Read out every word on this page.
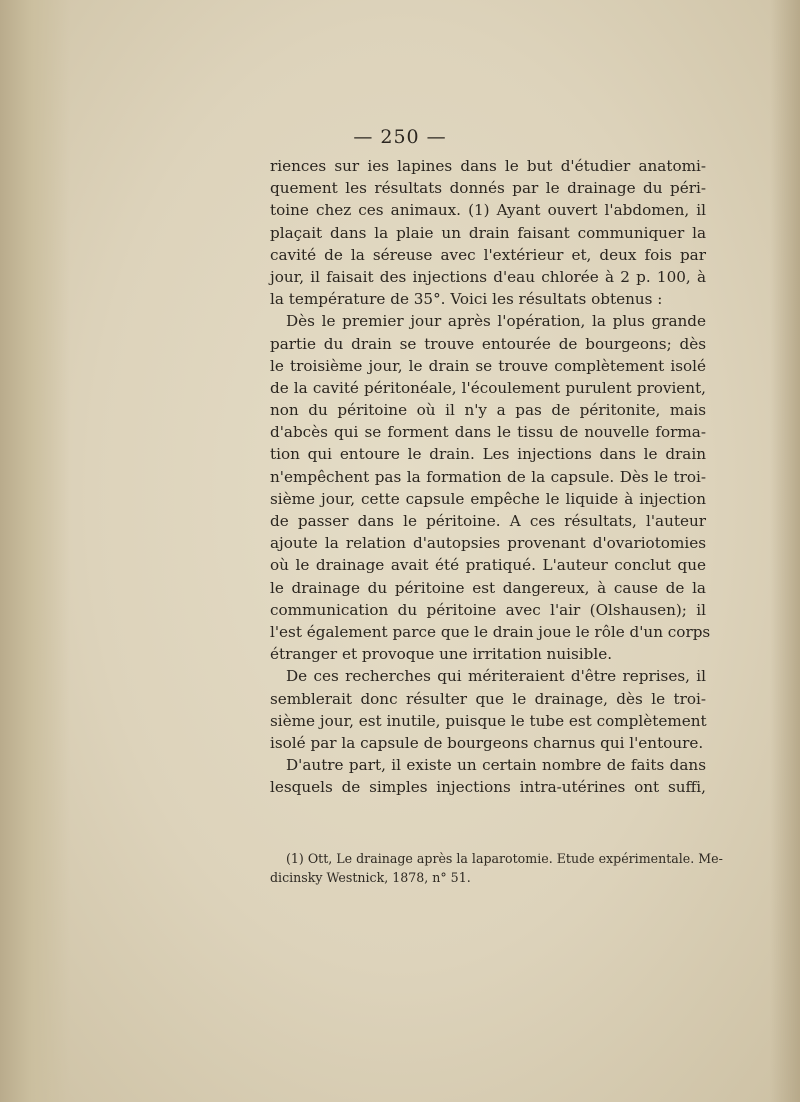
— 250 —
riences sur ies lapines dans le but d'étudier anatomi-
quement les résultats donnés par le drainage du péri-
toine chez ces animaux. (1) Ayant ouvert l'abdomen, il
plaçait dans la plaie un drain faisant communiquer la
cavité de la séreuse avec l'extérieur et, deux fois par
jour, il faisait des injections d'eau chlorée à 2 p. 100, à
la température de 35°. Voici les résultats obtenus :
Dès le premier jour après l'opération, la plus grande
partie du drain se trouve entourée de bourgeons; dès
le troisième jour, le drain se trouve complètement isolé
de la cavité péritonéale, l'écoulement purulent provient,
non du péritoine où il n'y a pas de péritonite, mais
d'abcès qui se forment dans le tissu de nouvelle forma-
tion qui entoure le drain. Les injections dans le drain
n'empêchent pas la formation de la capsule. Dès le troi-
sième jour, cette capsule empêche le liquide à injection
de passer dans le péritoine. A ces résultats, l'auteur
ajoute la relation d'autopsies provenant d'ovariotomies
où le drainage avait été pratiqué. L'auteur conclut que
le drainage du péritoine est dangereux, à cause de la
communication du péritoine avec l'air (Olshausen); il
l'est également parce que le drain joue le rôle d'un corps
étranger et provoque une irritation nuisible.
De ces recherches qui mériteraient d'être reprises, il
semblerait donc résulter que le drainage, dès le troi-
sième jour, est inutile, puisque le tube est complètement
isolé par la capsule de bourgeons charnus qui l'entoure.
D'autre part, il existe un certain nombre de faits dans
lesquels de simples injections intra-utérines ont suffi,
(1) Ott, Le drainage après la laparotomie. Etude expérimentale. Me-
dicinsky Westnick, 1878, n° 51.
